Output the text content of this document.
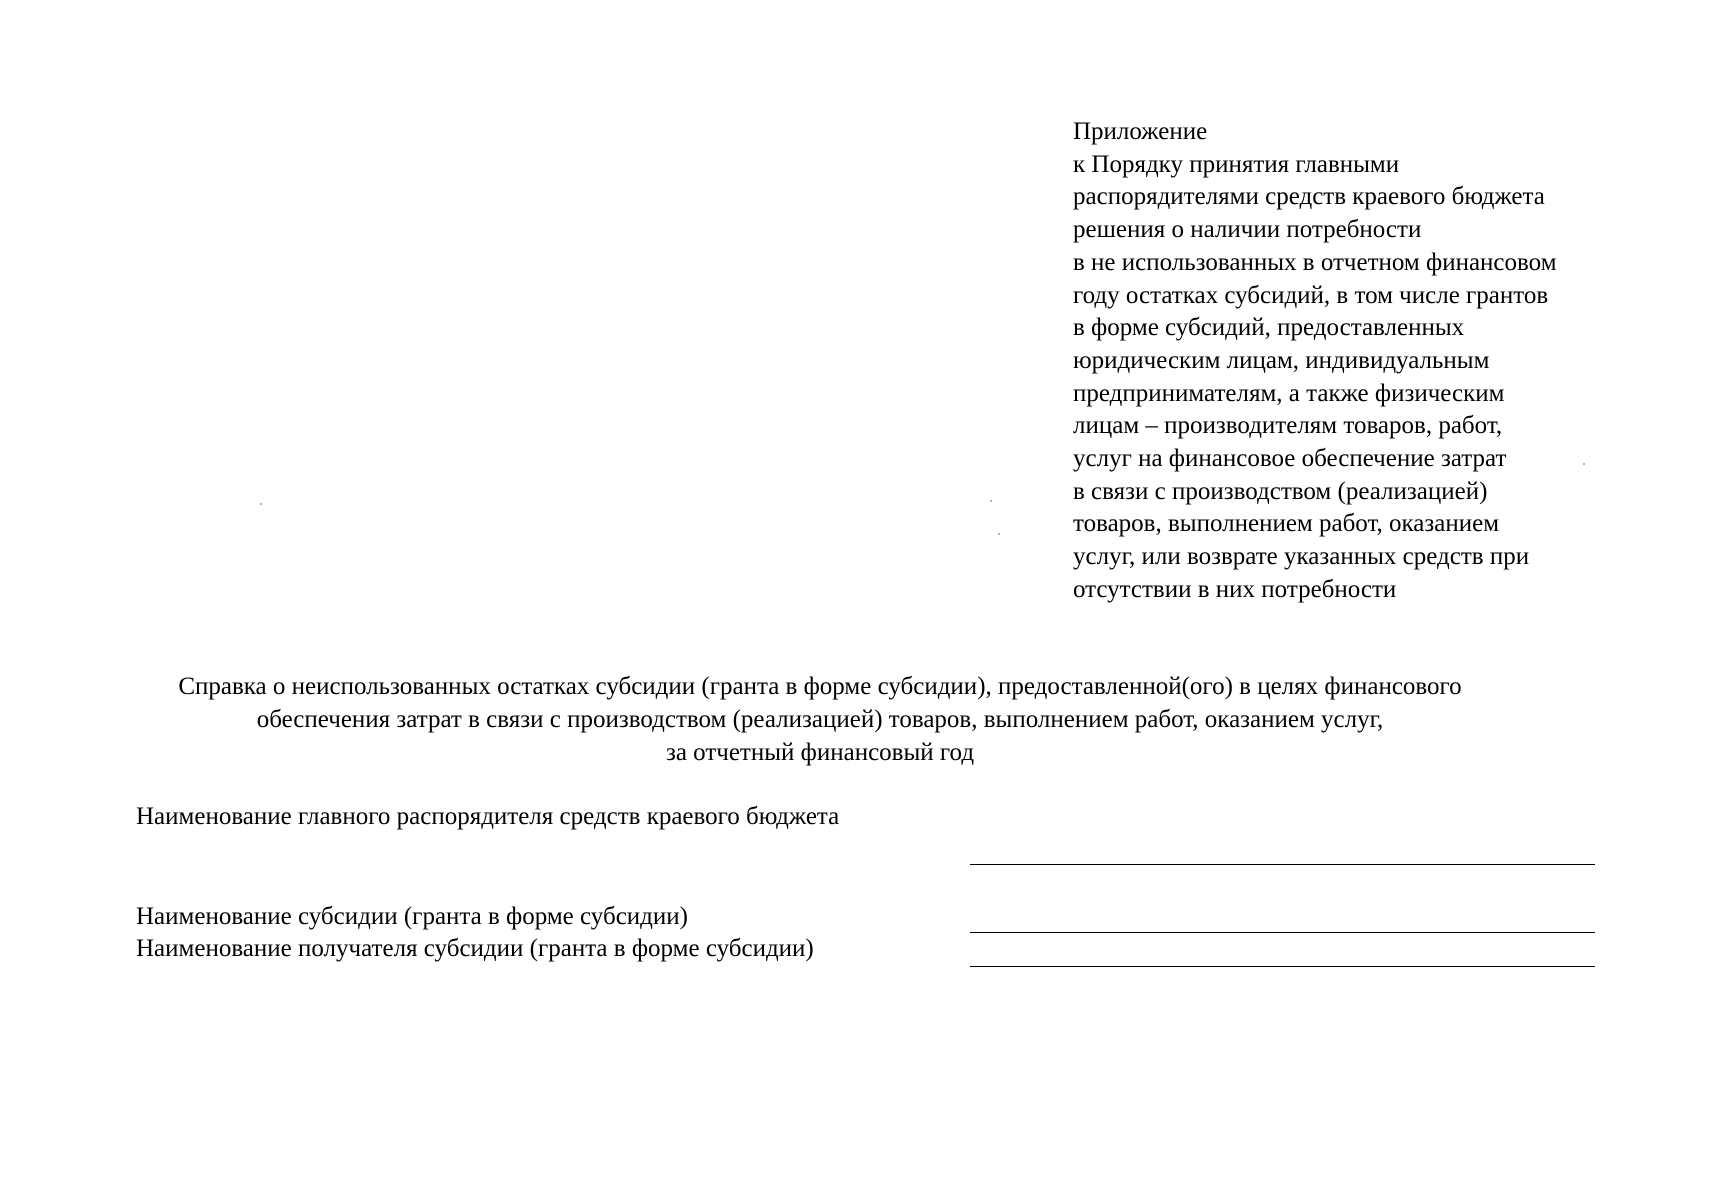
Приложение
к Порядку принятия главными
распорядителями средств краевого бюджета
решения о наличии потребности
в не использованных в отчетном финансовом
году остатках субсидий, в том числе грантов
в форме субсидий, предоставленных
юридическим лицам, индивидуальным
предпринимателям, а также физическим
лицам – производителям товаров, работ,
услуг на финансовое обеспечение затрат
в связи с производством (реализацией)
товаров, выполнением работ, оказанием
услуг, или возврате указанных средств при
отсутствии в них потребности
Справка о неиспользованных остатках субсидии (гранта в форме субсидии), предоставленной(ого) в целях финансового
обеспечения затрат в связи с производством (реализацией) товаров, выполнением работ, оказанием услуг,
за отчетный финансовый год
Наименование главного распорядителя средств краевого бюджета
Наименование субсидии (гранта в форме субсидии)
Наименование получателя субсидии (гранта в форме субсидии)
